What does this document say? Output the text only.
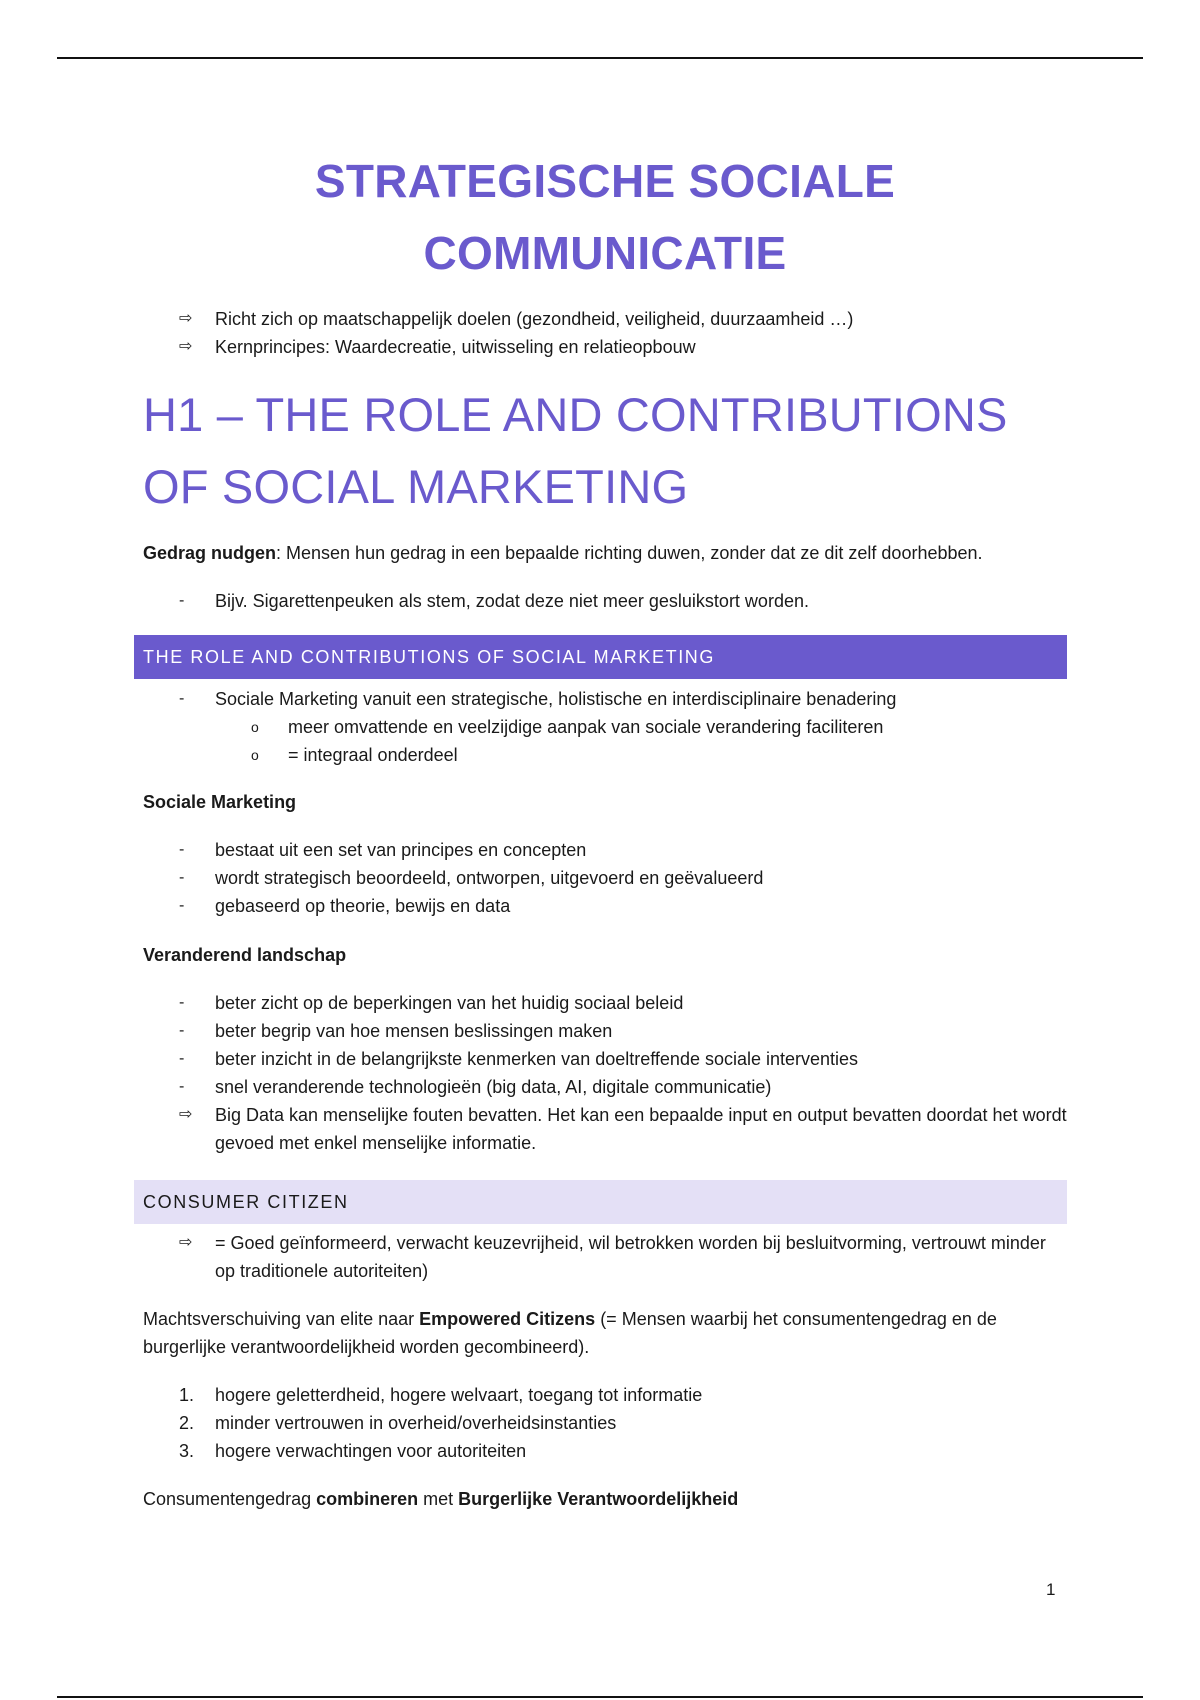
STRATEGISCHE SOCIALE
COMMUNICATIE
⇨	Richt zich op maatschappelijk doelen (gezondheid, veiligheid, duurzaamheid …)
⇨	Kernprincipes: Waardecreatie, uitwisseling en relatieopbouw
H1 – THE ROLE AND CONTRIBUTIONS
OF SOCIAL MARKETING

Gedrag nudgen: Mensen hun gedrag in een bepaalde richting duwen, zonder dat ze dit zelf doorhebben.

-	Bijv. Sigarettenpeuken als stem, zodat deze niet meer gesluikstort worden.
THE ROLE AND CONTRIBUTIONS OF SOCIAL MARKETING
-	Sociale Marketing vanuit een strategische, holistische en interdisciplinaire benadering
o	meer omvattende en veelzijdige aanpak van sociale verandering faciliteren
o	= integraal onderdeel

Sociale Marketing

-	bestaat uit een set van principes en concepten
-	wordt strategisch beoordeeld, ontworpen, uitgevoerd en geëvalueerd
-	gebaseerd op theorie, bewijs en data

Veranderend landschap

-	beter zicht op de beperkingen van het huidig sociaal beleid
-	beter begrip van hoe mensen beslissingen maken
-	beter inzicht in de belangrijkste kenmerken van doeltreffende sociale interventies
-	snel veranderende technologieën (big data, AI, digitale communicatie)
⇨	Big Data kan menselijke fouten bevatten. Het kan een bepaalde input en output bevatten doordat het wordt gevoed met enkel menselijke informatie.
CONSUMER CITIZEN
⇨	= Goed geïnformeerd, verwacht keuzevrijheid, wil betrokken worden bij besluitvorming, vertrouwt minder op traditionele autoriteiten)

Machtsverschuiving van elite naar Empowered Citizens (= Mensen waarbij het consumentengedrag en de burgerlijke verantwoordelijkheid worden gecombineerd).

1.	hogere geletterdheid, hogere welvaart, toegang tot informatie
2.	minder vertrouwen in overheid/overheidsinstanties
3.	hogere verwachtingen voor autoriteiten

Consumentengedrag combineren met Burgerlijke Verantwoordelijkheid

1
